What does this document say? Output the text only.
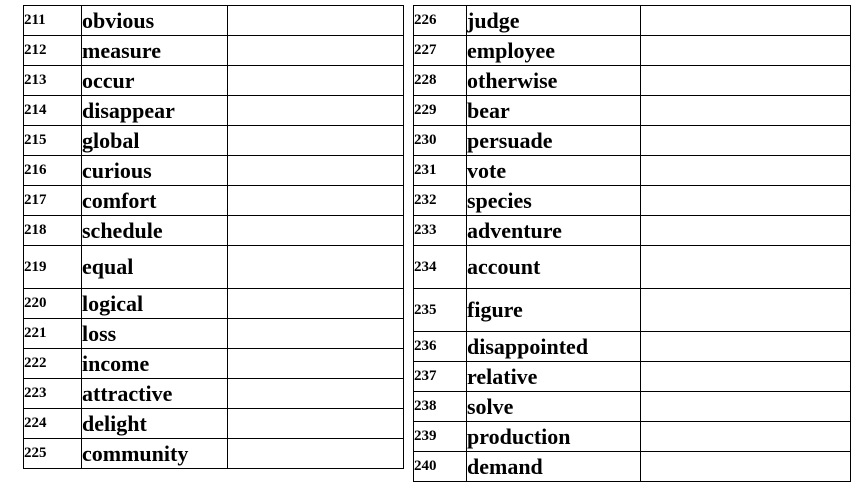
211	obvious	
212	measure	
213	occur	
214	disappear	
215	global	
216	curious	
217	comfort	
218	schedule	
219	equal	
220	logical	
221	loss	
222	income	
223	attractive	
224	delight	
225	community	
226	judge	
227	employee	
228	otherwise	
229	bear	
230	persuade	
231	vote	
232	species	
233	adventure	
234	account	
235	figure	
236	disappointed	
237	relative	
238	solve	
239	production	
240	demand	
